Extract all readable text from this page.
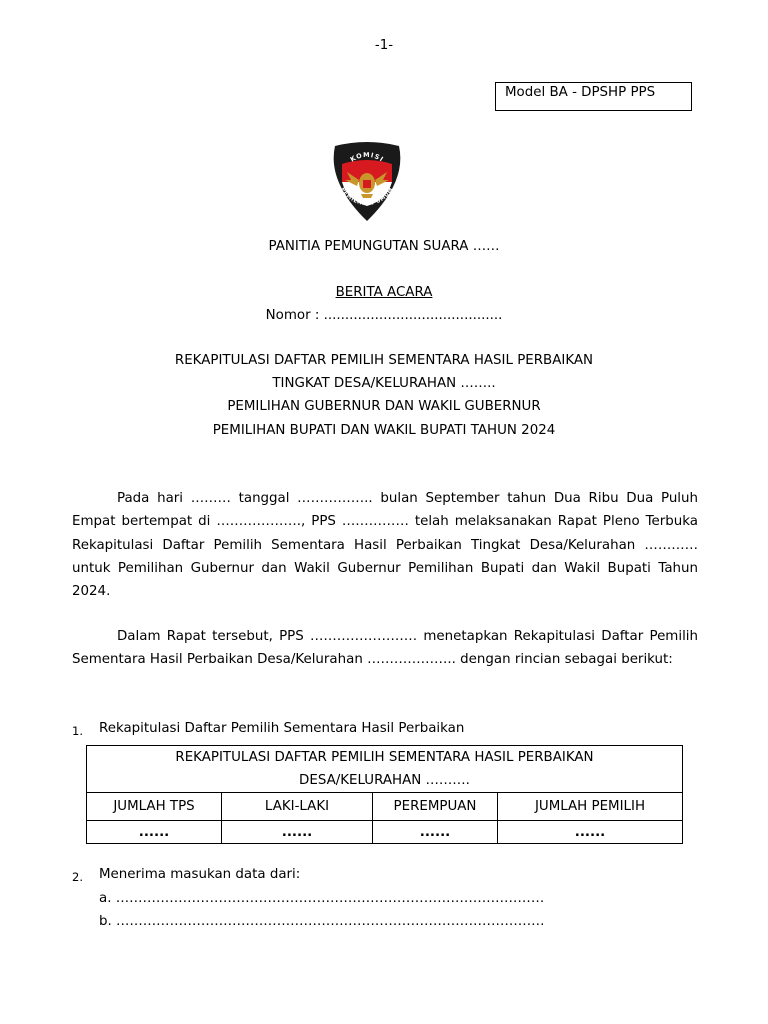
-1-
Model BA - DPSHP PPS
KOMISI
PEMILIHAN UMUM
PANITIA PEMUNGUTAN SUARA ……
BERITA ACARA
Nomor : ..........................................
REKAPITULASI DAFTAR PEMILIH SEMENTARA HASIL PERBAIKAN
TINGKAT DESA/KELURAHAN ……..
PEMILIHAN GUBERNUR DAN WAKIL GUBERNUR
PEMILIHAN BUPATI DAN WAKIL BUPATI TAHUN 2024

Pada hari ……… tanggal …………….. bulan September tahun Dua Ribu Dua Puluh Empat bertempat di ………………., PPS …………… telah melaksanakan Rapat Pleno Terbuka Rekapitulasi Daftar Pemilih Sementara Hasil Perbaikan Tingkat Desa/Kelurahan ………… untuk Pemilihan Gubernur dan Wakil Gubernur Pemilihan Bupati dan Wakil Bupati Tahun 2024.

Dalam Rapat tersebut, PPS …………………… menetapkan Rekapitulasi Daftar Pemilih Sementara Hasil Perbaikan Desa/Kelurahan ……………….. dengan rincian sebagai berikut:

1. Rekapitulasi Daftar Pemilih Sementara Hasil Perbaikan
REKAPITULASI DAFTAR PEMILIH SEMENTARA HASIL PERBAIKAN
DESA/KELURAHAN ……….			

JUMLAH TPS	LAKI-LAKI	PEREMPUAN	JUMLAH PEMILIH
......	......	......	......
2. Menerima masukan data dari:
a. ……………………………………………………………………………………
b. ……………………………………………………………………………………
